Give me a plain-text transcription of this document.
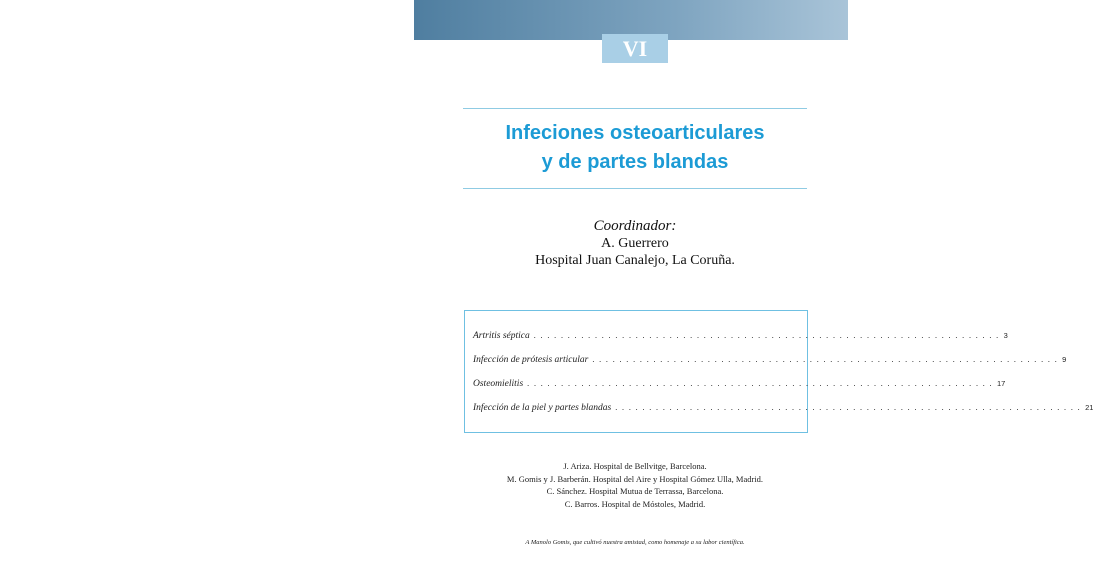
VI
Infeciones osteoarticulares
y de partes blandas
Coordinador:
A. Guerrero
Hospital Juan Canalejo, La Coruña.
Artritis séptica . . . . . . . . . . . . . . . . . . . . . . . . . . . . . . . . . . . . . . . . . . . . . . . . . . . . . . . . . . . . . . . . . . . . . 3
Infección de prótesis articular . . . . . . . . . . . . . . . . . . . . . . . . . . . . . . . . . . . . . . . . . . . . . . . . . . . . . . . . . . . . . . . . . . . . . 9
Osteomielitis . . . . . . . . . . . . . . . . . . . . . . . . . . . . . . . . . . . . . . . . . . . . . . . . . . . . . . . . . . . . . . . . . . . . . 17
Infección de la piel y partes blandas . . . . . . . . . . . . . . . . . . . . . . . . . . . . . . . . . . . . . . . . . . . . . . . . . . . . . . . . . . . . . . . . . . . . . 21
J. Ariza. Hospital de Bellvitge, Barcelona.
M. Gomis y J. Barberán. Hospital del Aire y Hospital Gómez Ulla, Madrid.
C. Sánchez. Hospital Mutua de Terrassa, Barcelona.
C. Barros. Hospital de Móstoles, Madrid.
A Manolo Gomis, que cultivó nuestra amistad, como homenaje a su labor científica.
